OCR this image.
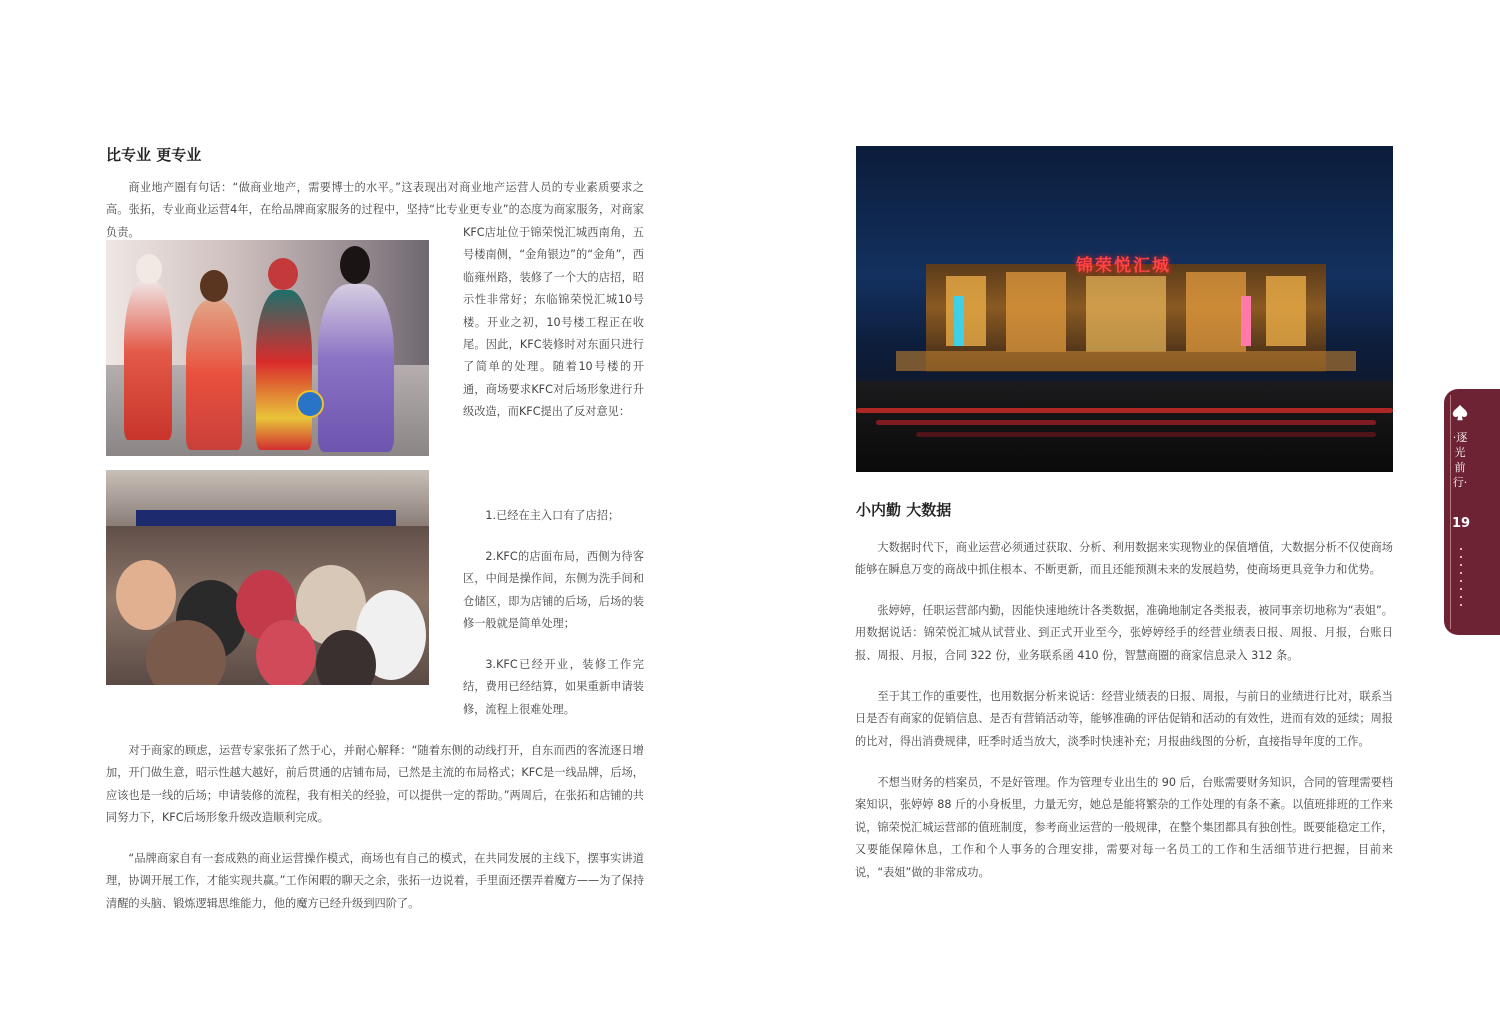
比专业 更专业

商业地产圈有句话：“做商业地产，需要博士的水平。”这表现出对商业地产运营人员的专业素质要求之高。张拓，专业商业运营4年，在给品牌商家服务的过程中，坚持“比专业更专业”的态度为商家服务，对商家负责。	KFC店址位于锦荣悦汇城西南角，五号楼南侧，“金角银边”的“金角”，西临雍州路，装修了一个大的店招，昭示性非常好；东临锦荣悦汇城10号楼。开业之初，10号楼工程正在收尾。因此，KFC装修时对东面只进行了简单的处理。随着10号楼的开通，商场要求KFC对后场形象进行升级改造，而KFC提出了反对意见：

1.已经在主入口有了店招；

2.KFC的店面布局，西侧为待客区，中间是操作间，东侧为洗手间和仓储区，即为店铺的后场，后场的装修一般就是简单处理；

3.KFC已经开业，装修工作完结，费用已经结算，如果重新申请装修，流程上很难处理。

对于商家的顾虑，运营专家张拓了然于心，并耐心解释：“随着东侧的动线打开，自东而西的客流逐日增加，开门做生意，昭示性越大越好，前后贯通的店铺布局，已然是主流的布局格式；KFC是一线品牌，后场，应该也是一线的后场；申请装修的流程，我有相关的经验，可以提供一定的帮助。”两周后，在张拓和店铺的共同努力下，KFC后场形象升级改造顺利完成。

“品牌商家自有一套成熟的商业运营操作模式，商场也有自己的模式，在共同发展的主线下，摆事实讲道理，协调开展工作，才能实现共赢。”工作闲暇的聊天之余，张拓一边说着，手里面还摆弄着魔方——为了保持清醒的头脑、锻炼逻辑思维能力，他的魔方已经升级到四阶了。

锦荣悦汇城
小内勤 大数据

大数据时代下，商业运营必须通过获取、分析、利用数据来实现物业的保值增值，大数据分析不仅使商场能够在瞬息万变的商战中抓住根本、不断更新，而且还能预测未来的发展趋势，使商场更具竞争力和优势。

张婷婷，任职运营部内勤，因能快速地统计各类数据，准确地制定各类报表，被同事亲切地称为“表姐”。用数据说话：锦荣悦汇城从试营业、到正式开业至今，张婷婷经手的经营业绩表日报、周报、月报，台账日报、周报、月报，合同 322 份，业务联系函 410 份，智慧商圈的商家信息录入 312 条。

至于其工作的重要性，也用数据分析来说话：经营业绩表的日报、周报，与前日的业绩进行比对，联系当日是否有商家的促销信息、是否有营销活动等，能够准确的评估促销和活动的有效性，进而有效的延续；周报的比对，得出消费规律，旺季时适当放大，淡季时快速补充；月报曲线图的分析，直接指导年度的工作。

不想当财务的档案员，不是好管理。作为管理专业出生的 90 后，台账需要财务知识，合同的管理需要档案知识，张婷婷 88 斤的小身板里，力量无穷，她总是能将繁杂的工作处理的有条不紊。以值班排班的工作来说，锦荣悦汇城运营部的值班制度，参考商业运营的一般规律，在整个集团都具有独创性。既要能稳定工作，又要能保障休息，工作和个人事务的合理安排，需要对每一名员工的工作和生活细节进行把握，目前来说，“表姐”做的非常成功。

·逐光前行·
19
